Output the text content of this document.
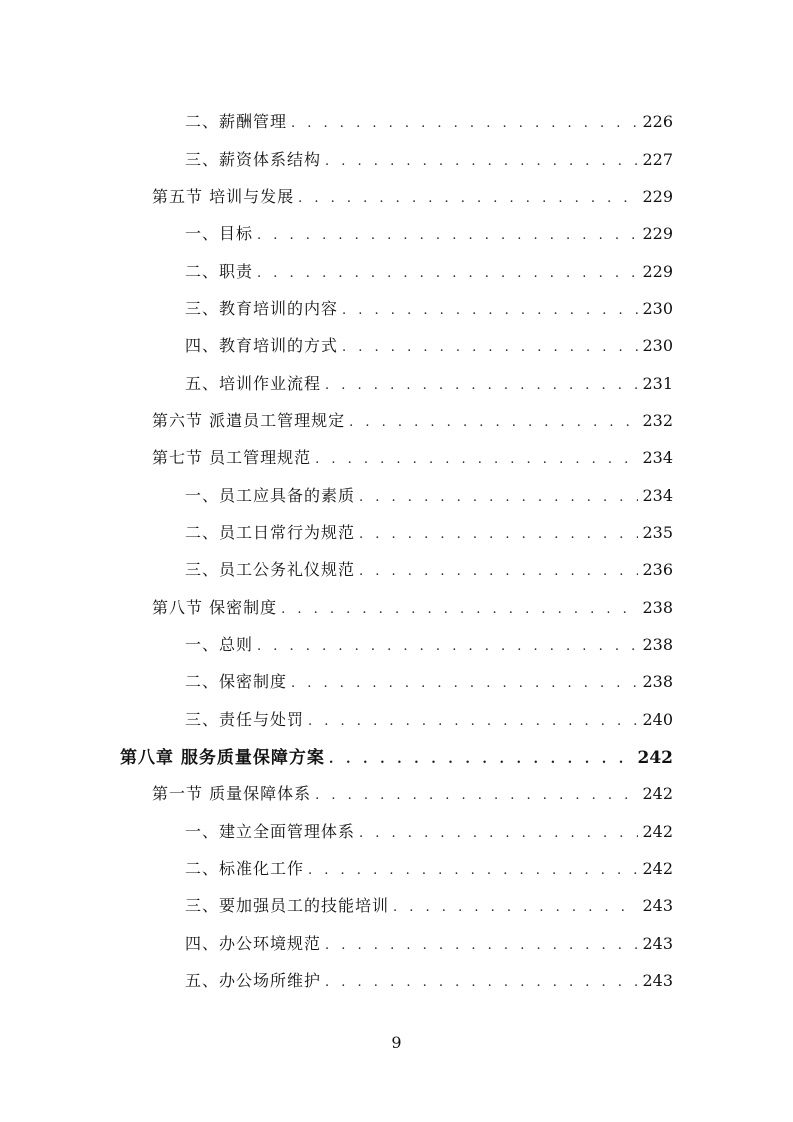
二、薪酬管理 . . .	226
三、薪资体系结构 . . .	227
第五节 培训与发展 . . .	229
一、目标 . . .	229
二、职责 . . .	229
三、教育培训的内容 . . .	230
四、教育培训的方式 . . .	230
五、培训作业流程 . . .	231
第六节 派遣员工管理规定 . . .	232
第七节 员工管理规范 . . .	234
一、员工应具备的素质 . . .	234
二、员工日常行为规范 . . .	235
三、员工公务礼仪规范 . . .	236
第八节 保密制度 . . .	238
一、总则 . . .	238
二、保密制度 . . .	238
三、责任与处罚 . . .	240
第八章 服务质量保障方案 . . .	242
第一节 质量保障体系 . . .	242
一、建立全面管理体系 . . .	242
二、标准化工作 . . .	242
三、要加强员工的技能培训 . . .	243
四、办公环境规范 . . .	243
五、办公场所维护 . . .	243
9
